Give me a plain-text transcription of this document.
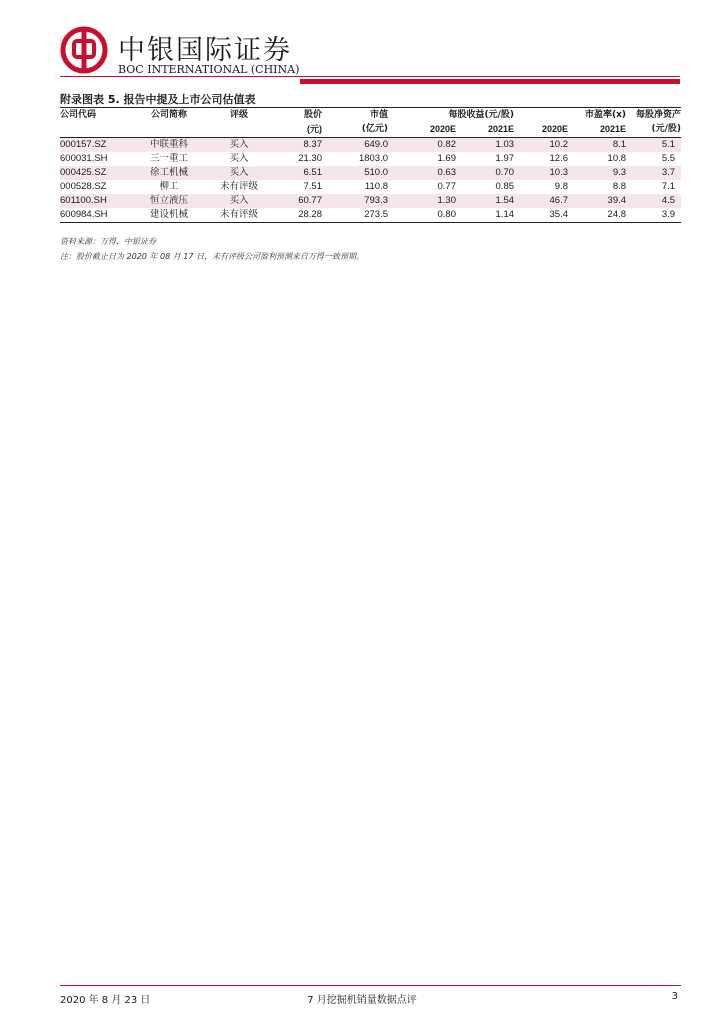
中银国际证券
BOC INTERNATIONAL (CHINA)
附录图表 5. 报告中提及上市公司估值表
公司代码	公司简称	评级	股价	市值	每股收益(元/股)		市盈率(x)		每股净资产
			(元)	(亿元)	2020E	2021E	2020E	2021E	(元/股)
000157.SZ	中联重科	买入	8.37	649.0	0.82	1.03	10.2	8.1	5.1
600031.SH	三一重工	买入	21.30	1803.0	1.69	1.97	12.6	10.8	5.5
000425.SZ	徐工机械	买入	6.51	510.0	0.63	0.70	10.3	9.3	3.7
000528.SZ	柳工	未有评级	7.51	110.8	0.77	0.85	9.8	8.8	7.1
601100.SH	恒立液压	买入	60.77	793.3	1.30	1.54	46.7	39.4	4.5
600984.SH	建设机械	未有评级	28.28	273.5	0.80	1.14	35.4	24.8	3.9
资料来源：万得，中银证券
注：股价截止日为 2020 年 08 月 17 日，未有评级公司盈利预测来自万得一致预期。
2020 年 8 月 23 日	7 月挖掘机销量数据点评	3
